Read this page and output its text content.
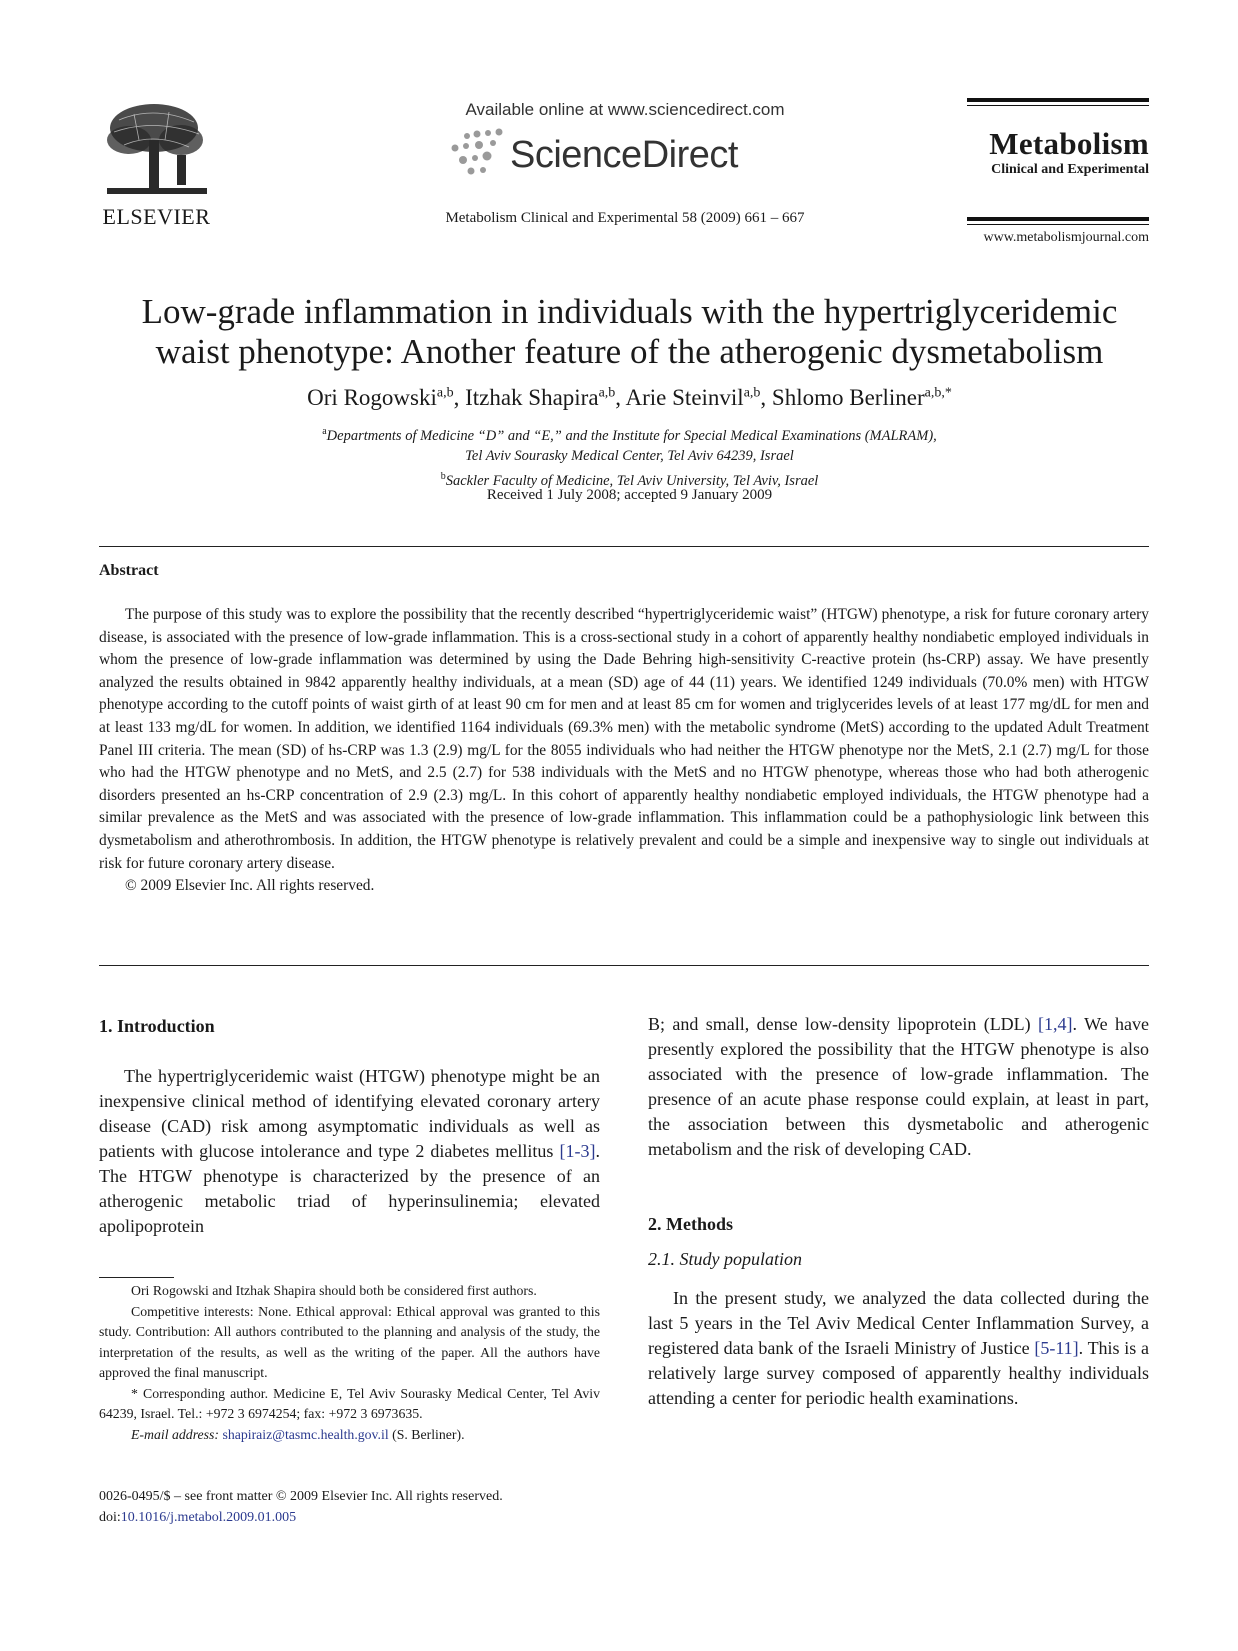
ELSEVIER
Available online at www.sciencedirect.com
ScienceDirect
Metabolism Clinical and Experimental 58 (2009) 661 – 667
Metabolism
Clinical and Experimental
www.metabolismjournal.com
Low-grade inflammation in individuals with the hypertriglyceridemic
waist phenotype: Another feature of the atherogenic dysmetabolism
Ori Rogowski$^{a,b}$, Itzhak Shapira$^{a,b}$, Arie Steinvil$^{a,b}$, Shlomo Berliner$^{a,b,*}$
$^a$Departments of Medicine “D” and “E,” and the Institute for Special Medical Examinations (MALRAM),
Tel Aviv Sourasky Medical Center, Tel Aviv 64239, Israel
$^b$Sackler Faculty of Medicine, Tel Aviv University, Tel Aviv, Israel
Received 1 July 2008; accepted 9 January 2009
Abstract

The purpose of this study was to explore the possibility that the recently described “hypertriglyceridemic waist” (HTGW) phenotype, a risk for future coronary artery disease, is associated with the presence of low-grade inflammation. This is a cross-sectional study in a cohort of apparently healthy nondiabetic employed individuals in whom the presence of low-grade inflammation was determined by using the Dade Behring high-sensitivity C-reactive protein (hs-CRP) assay. We have presently analyzed the results obtained in 9842 apparently healthy individuals, at a mean (SD) age of 44 (11) years. We identified 1249 individuals (70.0% men) with HTGW phenotype according to the cutoff points of waist girth of at least 90 cm for men and at least 85 cm for women and triglycerides levels of at least 177 mg/dL for men and at least 133 mg/dL for women. In addition, we identified 1164 individuals (69.3% men) with the metabolic syndrome (MetS) according to the updated Adult Treatment Panel III criteria. The mean (SD) of hs-CRP was 1.3 (2.9) mg/L for the 8055 individuals who had neither the HTGW phenotype nor the MetS, 2.1 (2.7) mg/L for those who had the HTGW phenotype and no MetS, and 2.5 (2.7) for 538 individuals with the MetS and no HTGW phenotype, whereas those who had both atherogenic disorders presented an hs-CRP concentration of 2.9 (2.3) mg/L. In this cohort of apparently healthy nondiabetic employed individuals, the HTGW phenotype had a similar prevalence as the MetS and was associated with the presence of low-grade inflammation. This inflammation could be a pathophysiologic link between this dysmetabolism and atherothrombosis. In addition, the HTGW phenotype is relatively prevalent and could be a simple and inexpensive way to single out individuals at risk for future coronary artery disease.

© 2009 Elsevier Inc. All rights reserved.

1. Introduction

The hypertriglyceridemic waist (HTGW) phenotype might be an inexpensive clinical method of identifying elevated coronary artery disease (CAD) risk among asymptomatic individuals as well as patients with glucose intolerance and type 2 diabetes mellitus [1-3]. The HTGW phenotype is characterized by the presence of an atherogenic metabolic triad of hyperinsulinemia; elevated apolipoprotein

Ori Rogowski and Itzhak Shapira should both be considered first authors.

Competitive interests: None. Ethical approval: Ethical approval was granted to this study. Contribution: All authors contributed to the planning and analysis of the study, the interpretation of the results, as well as the writing of the paper. All the authors have approved the final manuscript.

* Corresponding author. Medicine E, Tel Aviv Sourasky Medical Center, Tel Aviv 64239, Israel. Tel.: +972 3 6974254; fax: +972 3 6973635.

E-mail address: shapiraiz@tasmc.health.gov.il (S. Berliner).

0026-0495/$ – see front matter © 2009 Elsevier Inc. All rights reserved.

doi:10.1016/j.metabol.2009.01.005

B; and small, dense low-density lipoprotein (LDL) [1,4]. We have presently explored the possibility that the HTGW phenotype is also associated with the presence of low-grade inflammation. The presence of an acute phase response could explain, at least in part, the association between this dysmetabolic and atherogenic metabolism and the risk of developing CAD.

2. Methods

2.1. Study population

In the present study, we analyzed the data collected during the last 5 years in the Tel Aviv Medical Center Inflammation Survey, a registered data bank of the Israeli Ministry of Justice [5-11]. This is a relatively large survey composed of apparently healthy individuals attending a center for periodic health examinations.
